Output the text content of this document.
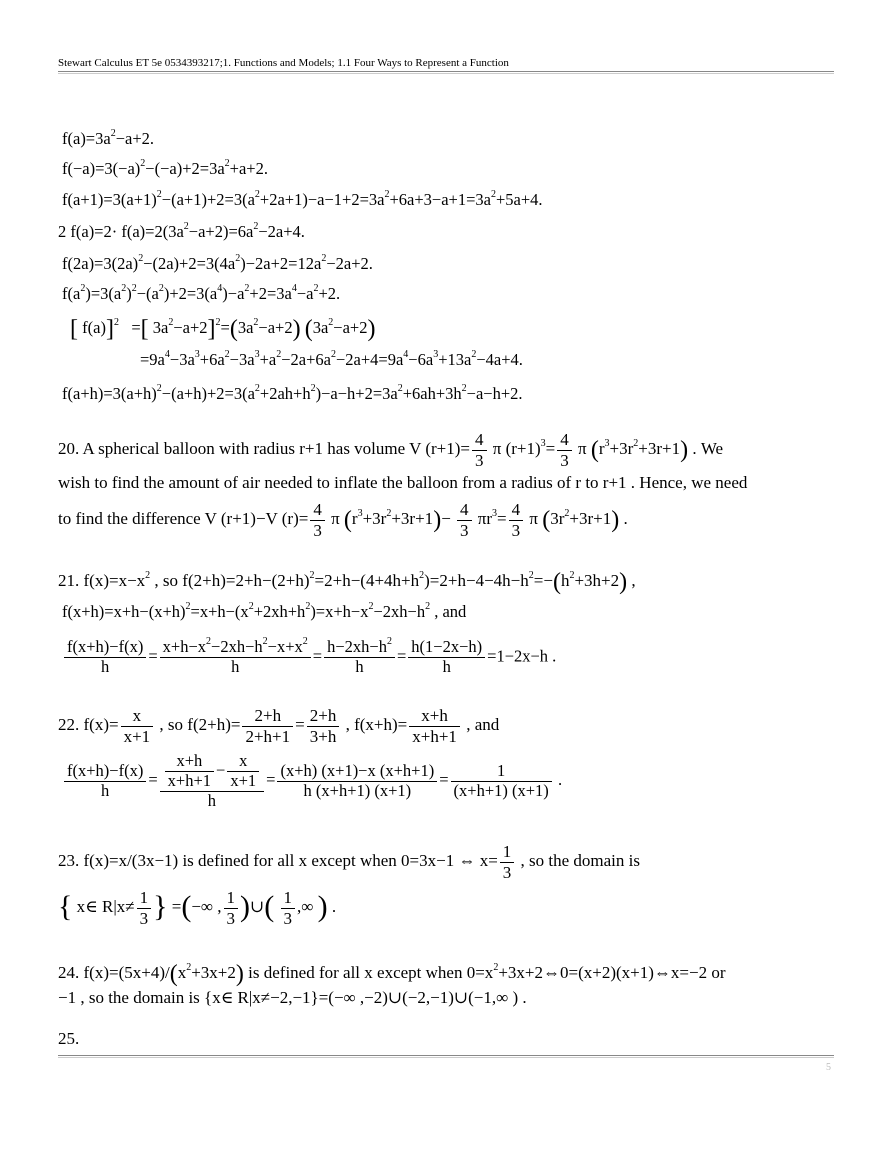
Stewart Calculus ET 5e 0534393217;1. Functions and Models; 1.1 Four Ways to Represent a Function
$f(a)=3a^2-a+2$.
$f(-a)=3(-a)^2-(-a)+2=3a^2+a+2$.
$f(a+1)=3(a+1)^2-(a+1)+2=3(a^2+2a+1)-a-1+2=3a^2+6a+3-a+1=3a^2+5a+4$.
2 $f(a)=2\cdot f(a)=2(3a^2-a+2)=6a^2-2a+4$.
$f(2a)=3(2a)^2-(2a)+2=3(4a^2)-2a+2=12a^2-2a+2$.
$f(a^2)=3(a^2)^2-(a^2)+2=3(a^4)-a^2+2=3a^4-a^2+2$.
[ f(a)]$^2$ =[ $3a^2-a+2]^2=(3a^2-a+2)$ $(3a^2-a+2)$
$=9a^4-3a^3+6a^2-3a^3+a^2-2a+6a^2-2a+4=9a^4-6a^3+13a^2-4a+4$.
$f(a+h)=3(a+h)^2-(a+h)+2=3(a^2+2ah+h^2)-a-h+2=3a^2+6ah+3h^2-a-h+2$.
20. A spherical balloon with radius r+1 has volume V $(r+1)= \frac{4}{3}$ π $(r+1)^3= \frac{4}{3}$ π $(r^3+3r^2+3r+1)$ . We
wish to find the amount of air needed to inflate the balloon from a radius of r to r+1 . Hence, we need
to find the difference V (r+1)−V $(r)= \frac{4}{3}$ π $(r^3+3r^2+3r+1)- \frac{4}{3} \pi r^3= \frac{4}{3}$ π $(3r^2+3r+1)$ .
21. $f(x)=x-x^2$ , so $f(2+h)=2+h-(2+h)^2=2+h-(4+4h+h^2)=2+h-4-4h-h^2=-(h^2+3h+2)$ ,
$f(x+h)=x+h-(x+h)^2=x+h-(x^2+2xh+h^2)=x+h-x^2-2xh-h^2$ , and
$\frac{f(x+h)-f(x)}{h} = \frac{x+h-x^2-2xh-h^2-x+x^2}{h} = \frac{h-2xh-h^2}{h} = \frac{h(1-2x-h)}{h} =1-2x-h$ .
22. $f(x)= \frac{x}{x+1}$ , so $f(2+h)= \frac{2+h}{2+h+1} = \frac{2+h}{3+h}$ , $f(x+h)= \frac{x+h}{x+h+1}$ , and
$\frac{f(x+h)-f(x)}{h} = \frac{\frac{x+h}{x+h+1} - \frac{x}{x+1}}{h} = \frac{(x+h) (x+1)-x (x+h+1)}{h (x+h+1) (x+1)} = \frac{1}{(x+h+1) (x+1)}$ .
23. f(x)=x/(3x−1) is defined for all x except when 0=3x−1 ⇔ $x= \frac{1}{3}$ , so the domain is
{ x∈ $R|x\ne \frac{1}{3}$ } =(−∞ , $\frac{1}{3}$ )∪( $\frac{1}{3}$ ,∞ ) .
24. $f(x)=(5x+4)/(x^2+3x+2)$ is defined for all x except when $0=x^2+3x+2\Leftrightarrow 0=(x+2)(x+1)\Leftrightarrow x=-2$ or
−1 , so the domain is {x∈ R|x≠−2,−1}=(−∞ ,−2)∪(−2,−1)∪(−1,∞ ) .
25.
5
